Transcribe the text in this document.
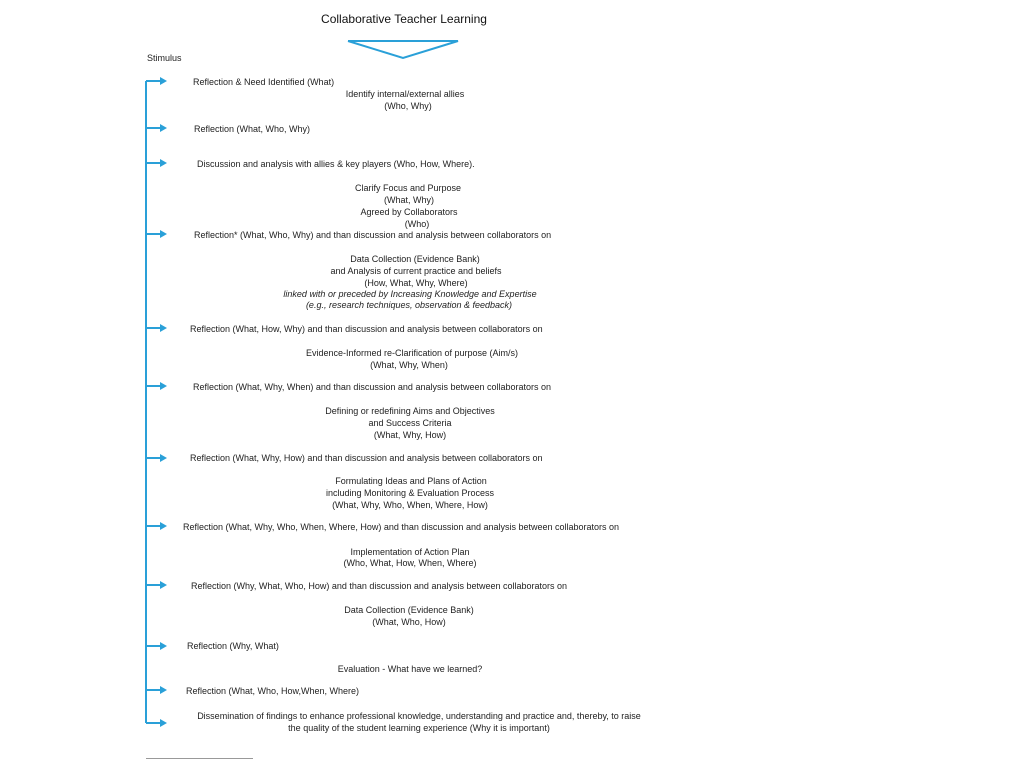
Collaborative Teacher Learning
Stimulus
Reflection & Need Identified (What)
Identify internal/external allies
(Who, Why)
Reflection (What, Who, Why)
Discussion and analysis with allies & key players (Who, How, Where).
Clarify Focus and Purpose
(What, Why)
Agreed by Collaborators
(Who)
Reflection* (What, Who, Why) and than discussion and analysis between collaborators on
Data Collection (Evidence Bank)
and Analysis of current practice and beliefs
(How, What, Why, Where)
linked with or preceded by Increasing Knowledge and Expertise
(e.g., research techniques, observation & feedback)
Reflection (What, How, Why) and than discussion and analysis between collaborators on
Evidence-Informed re-Clarification of purpose (Aim/s)
(What, Why, When)
Reflection (What, Why, When) and than discussion and analysis between collaborators on
Defining or redefining Aims and Objectives
and Success Criteria
(What, Why, How)
Reflection (What, Why, How) and than discussion and analysis between collaborators on
Formulating Ideas and Plans of Action
including Monitoring & Evaluation Process
(What, Why, Who, When, Where, How)
Reflection (What, Why, Who, When, Where, How) and than discussion and analysis between collaborators on
Implementation of Action Plan
(Who, What, How, When, Where)
Reflection (Why, What, Who, How) and than discussion and analysis between collaborators on
Data Collection (Evidence Bank)
(What, Who, How)
Reflection (Why, What)
Evaluation - What have we learned?
Reflection (What, Who, How,When, Where)
Dissemination of findings to enhance professional knowledge, understanding and practice and, thereby, to raise
the quality of the student learning experience (Why it is important)
